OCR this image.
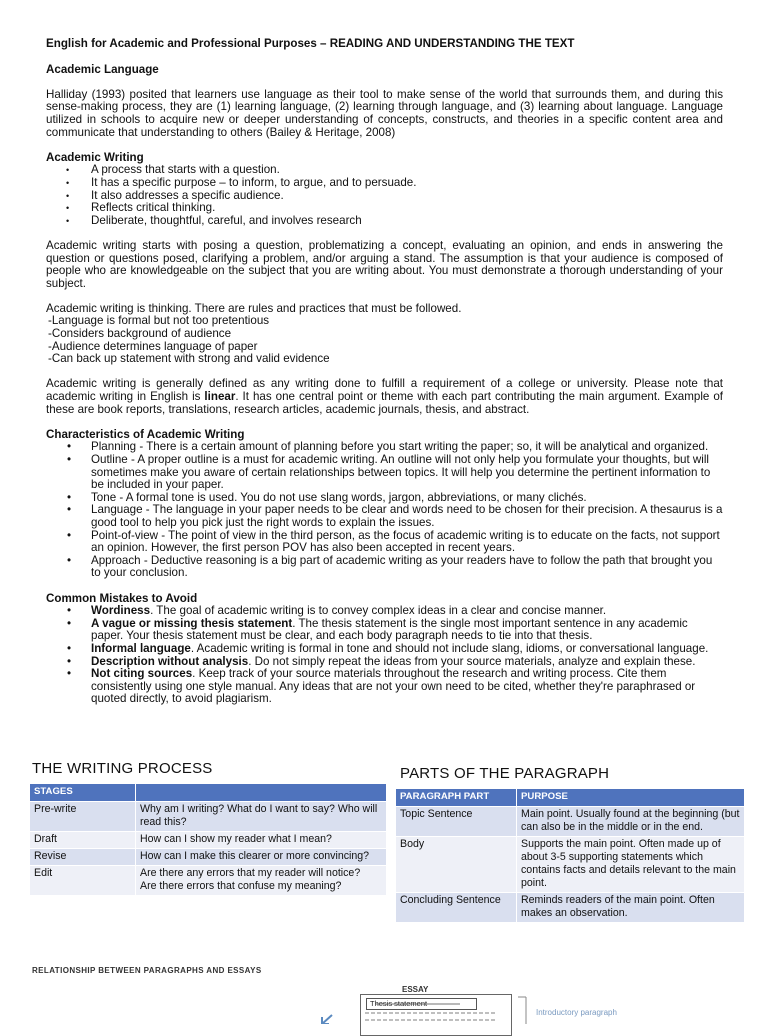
English for Academic and Professional Purposes – READING AND UNDERSTANDING THE TEXT
Academic Language

Halliday (1993) posited that learners use language as their tool to make sense of the world that surrounds them, and during this sense-making process, they are (1) learning language, (2) learning through language, and (3) learning about language. Language utilized in schools to acquire new or deeper understanding of concepts, constructs, and theories in a specific content area and communicate that understanding to others (Bailey & Heritage, 2008)

Academic Writing
• A process that starts with a question.
• It has a specific purpose – to inform, to argue, and to persuade.
• It also addresses a specific audience.
• Reflects critical thinking.
• Deliberate, thoughtful, careful, and involves research

Academic writing starts with posing a question, problematizing a concept, evaluating an opinion, and ends in answering the question or questions posed, clarifying a problem, and/or arguing a stand. The assumption is that your audience is composed of people who are knowledgeable on the subject that you are writing about. You must demonstrate a thorough understanding of your subject.

Academic writing is thinking. There are rules and practices that must be followed.

-Language is formal but not too pretentious
-Considers background of audience
-Audience determines language of paper
-Can back up statement with strong and valid evidence

Academic writing is generally defined as any writing done to fulfill a requirement of a college or university. Please note that academic writing in English is linear. It has one central point or theme with each part contributing the main argument. Example of these are book reports, translations, research articles, academic journals, thesis, and abstract.

Characteristics of Academic Writing
• Planning - There is a certain amount of planning before you start writing the paper; so, it will be analytical and organized.
• Outline - A proper outline is a must for academic writing. An outline will not only help you formulate your thoughts, but will sometimes make you aware of certain relationships between topics. It will help you determine the pertinent information to be included in your paper.
• Tone - A formal tone is used. You do not use slang words, jargon, abbreviations, or many clichés.
• Language - The language in your paper needs to be clear and words need to be chosen for their precision. A thesaurus is a good tool to help you pick just the right words to explain the issues.
• Point-of-view - The point of view in the third person, as the focus of academic writing is to educate on the facts, not support an opinion. However, the first person POV has also been accepted in recent years.
• Approach - Deductive reasoning is a big part of academic writing as your readers have to follow the path that brought you to your conclusion.
Common Mistakes to Avoid
• Wordiness. The goal of academic writing is to convey complex ideas in a clear and concise manner.
• A vague or missing thesis statement. The thesis statement is the single most important sentence in any academic paper. Your thesis statement must be clear, and each body paragraph needs to tie into that thesis.
• Informal language. Academic writing is formal in tone and should not include slang, idioms, or conversational language.
• Description without analysis. Do not simply repeat the ideas from your source materials, analyze and explain these.
• Not citing sources. Keep track of your source materials throughout the research and writing process. Cite them consistently using one style manual. Any ideas that are not your own need to be cited, whether they're paraphrased or quoted directly, to avoid plagiarism.
THE WRITING PROCESS
STAGES	
Pre-write	Why am I writing? What do I want to say? Who will read this?
Draft	How can I show my reader what I mean?
Revise	How can I make this clearer or more convincing?
Edit	Are there any errors that my reader will notice?
Are there errors that confuse my meaning?
PARTS OF THE PARAGRAPH
PARAGRAPH PART	PURPOSE
Topic Sentence	Main point. Usually found at the beginning (but can also be in the middle or in the end.
Body	Supports the main point. Often made up of about 3-5 supporting statements which contains facts and details relevant to the main point.
Concluding Sentence	Reminds readers of the main point. Often makes an observation.
RELATIONSHIP BETWEEN PARAGRAPHS AND ESSAYS
ESSAY
Thesis statement
Introductory paragraph
